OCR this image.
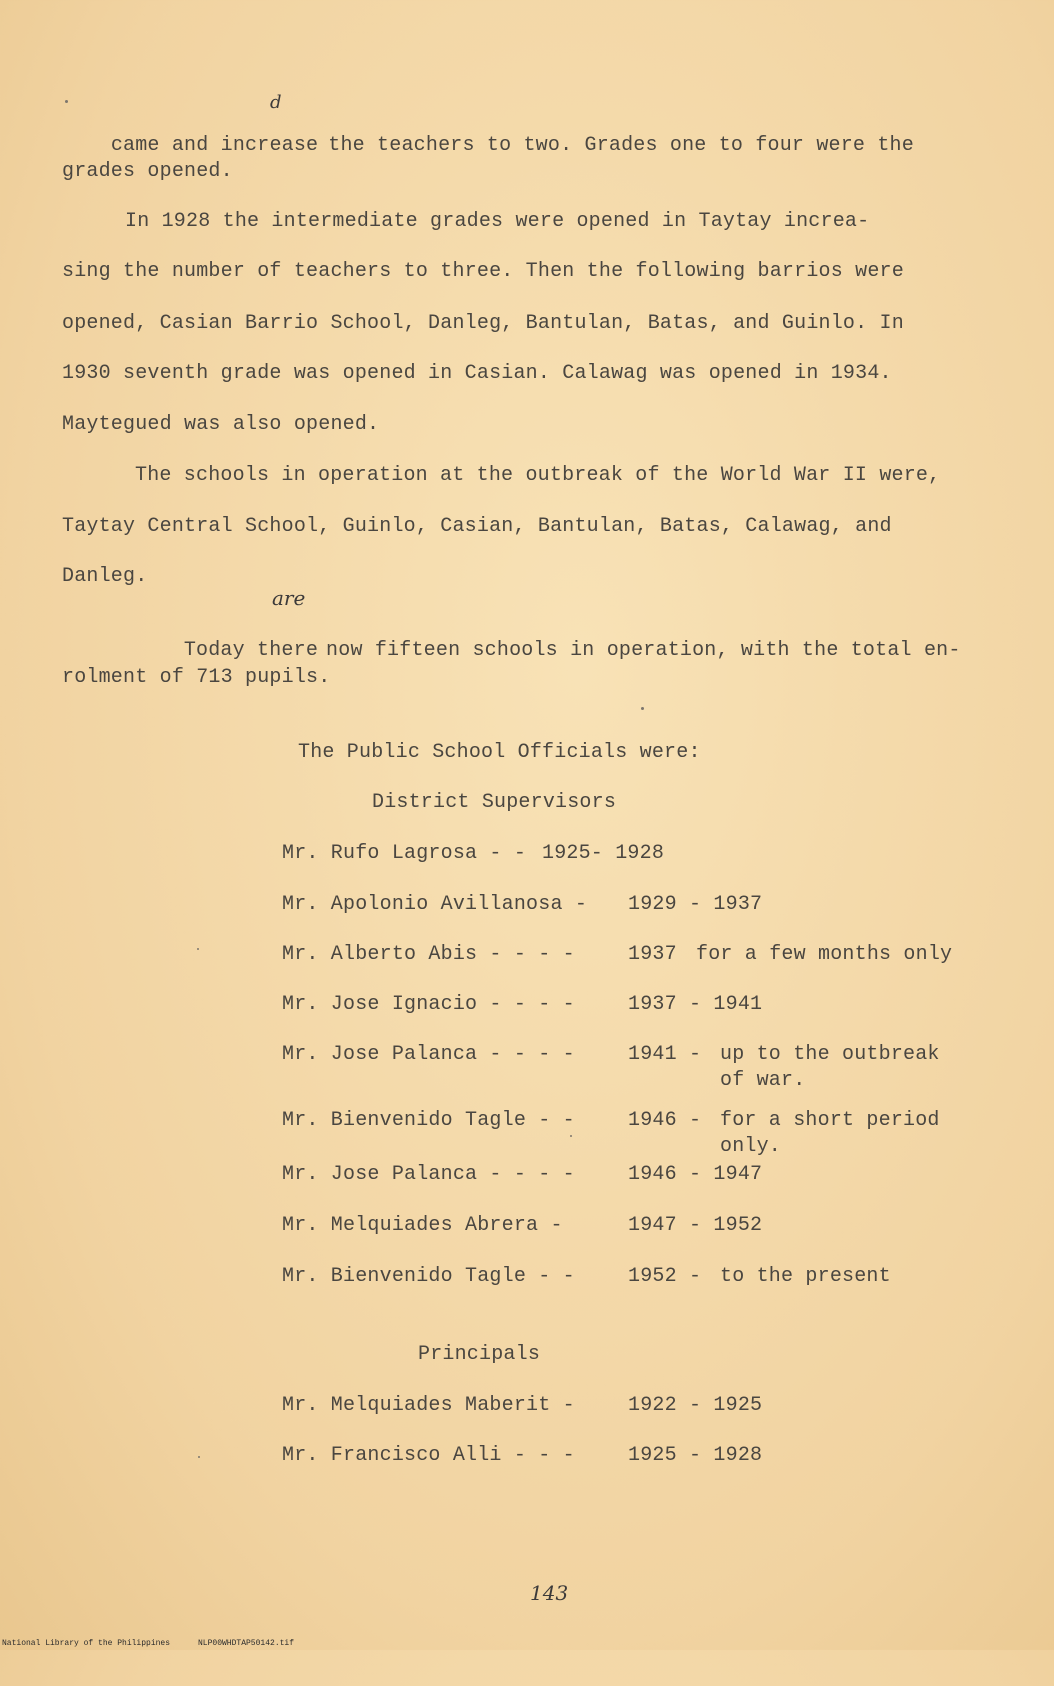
came and increase the teachers to two. Grades one to four were the

d
grades opened.
In 1928 the intermediate grades were opened in Taytay increa-
sing the number of teachers to three. Then the following barrios were
opened, Casian Barrio School, Danleg, Bantulan, Batas, and Guinlo. In
1930 seventh grade was opened in Casian. Calawag was opened in 1934.
Maytegued was also opened.
The schools in operation at the outbreak of the World War II were,
Taytay Central School, Guinlo, Casian, Bantulan, Batas, Calawag, and
Danleg.
are

Today there now fifteen schools in operation, with the total en-

rolment of 713 pupils.
The Public School Officials were:
District Supervisors
Mr. Rufo Lagrosa - - 1925- 1928
Mr. Apolonio Avillanosa - 1929 - 1937
Mr. Alberto Abis - - - -	1937 for a few months only
Mr. Jose Ignacio - - - -	1937 - 1941
Mr. Jose Palanca - - - -	1941 - up to the outbreak
of war.
Mr. Bienvenido Tagle - -	1946 - for a short period
only.
Mr. Jose Palanca - - - -	1946 - 1947
Mr. Melquiades Abrera -	1947 - 1952
Mr. Bienvenido Tagle - -	1952 - to the present
Principals
Mr. Melquiades Maberit -	1922 - 1925
Mr. Francisco Alli - - -	1925 - 1928
143

National Library of the Philippines

	NLP00WHDTAP50142.tif
